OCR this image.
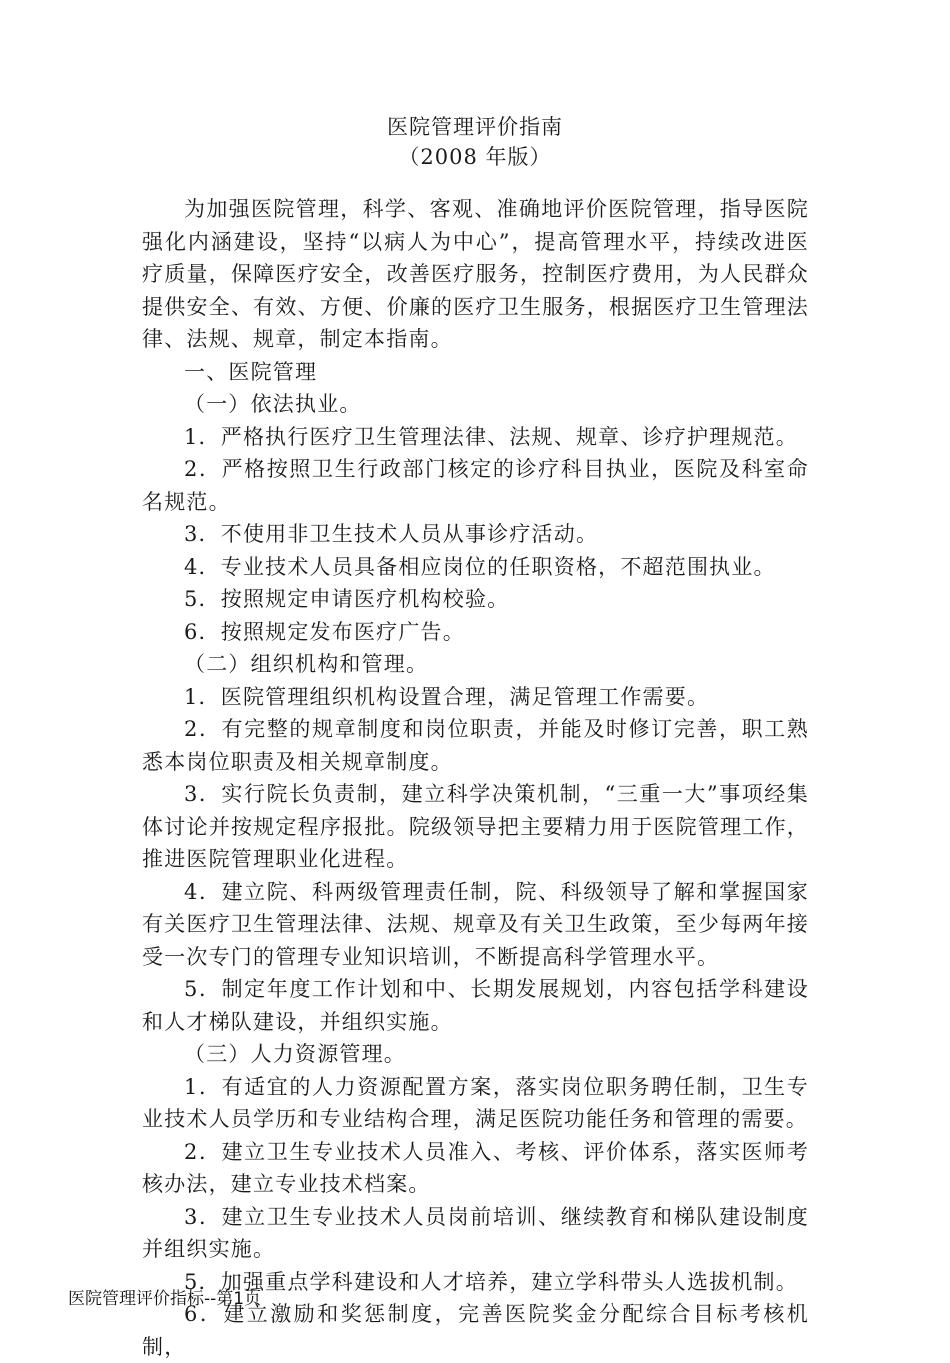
医院管理评价指南
（2008 年版）

为加强医院管理，科学、客观、准确地评价医院管理，指导医院强化内涵建设，坚持“以病人为中心”，提高管理水平，持续改进医疗质量，保障医疗安全，改善医疗服务，控制医疗费用，为人民群众提供安全、有效、方便、价廉的医疗卫生服务，根据医疗卫生管理法律、法规、规章，制定本指南。

一、医院管理

（一）依法执业。

1．严格执行医疗卫生管理法律、法规、规章、诊疗护理规范。

2．严格按照卫生行政部门核定的诊疗科目执业，医院及科室命名规范。

3．不使用非卫生技术人员从事诊疗活动。

4．专业技术人员具备相应岗位的任职资格，不超范围执业。

5．按照规定申请医疗机构校验。

6．按照规定发布医疗广告。

（二）组织机构和管理。

1．医院管理组织机构设置合理，满足管理工作需要。

2．有完整的规章制度和岗位职责，并能及时修订完善，职工熟悉本岗位职责及相关规章制度。

3．实行院长负责制，建立科学决策机制，“三重一大”事项经集体讨论并按规定程序报批。院级领导把主要精力用于医院管理工作，推进医院管理职业化进程。

4．建立院、科两级管理责任制，院、科级领导了解和掌握国家有关医疗卫生管理法律、法规、规章及有关卫生政策，至少每两年接受一次专门的管理专业知识培训，不断提高科学管理水平。

5．制定年度工作计划和中、长期发展规划，内容包括学科建设和人才梯队建设，并组织实施。

（三）人力资源管理。

1．有适宜的人力资源配置方案，落实岗位职务聘任制，卫生专业技术人员学历和专业结构合理，满足医院功能任务和管理的需要。

2．建立卫生专业技术人员准入、考核、评价体系，落实医师考核办法，建立专业技术档案。

3．建立卫生专业技术人员岗前培训、继续教育和梯队建设制度并组织实施。

5．加强重点学科建设和人才培养，建立学科带头人选拔机制。

6．建立激励和奖惩制度，完善医院奖金分配综合目标考核机制，

医院管理评价指标--第1页
